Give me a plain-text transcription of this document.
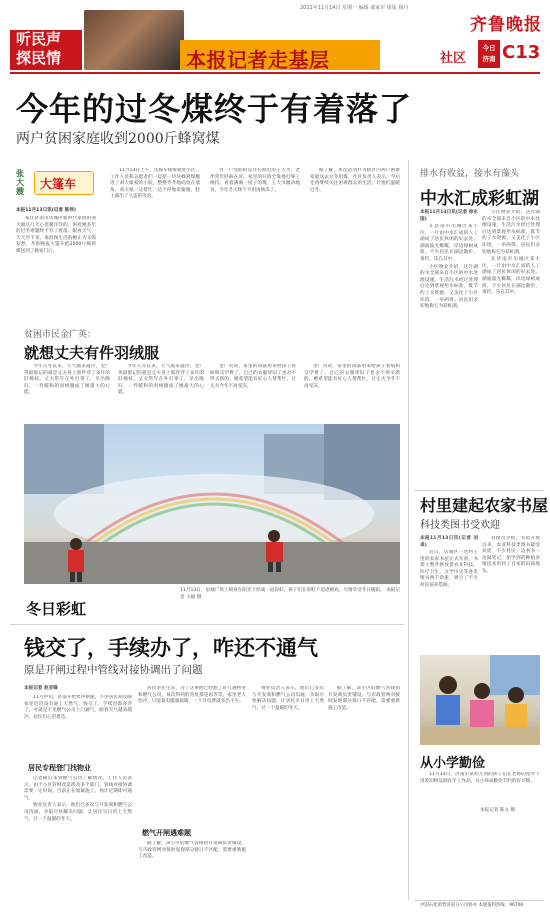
2011年11月14日 星期一 编辑 戚家军 组版 杨丹
齐鲁晚报
听民声
探民情	本报记者走基层	社区
今日
济南 C13
今年的过冬煤终于有着落了
两户贫困家庭收到2000斤蜂窝煤
张大嫂
大篷车
本报11月13日讯(记者 陈伟)

家住济南市历城区新时代家园的刘大娘这几天心里暖洋洋的，困扰她多年的过冬难题终于有了着落。眼看天气一天天冷下来，靠低保生活的她正为买煤发愁，齐鲁晚报大篷车把2000斤蜂窝煤送到了她家门口。

11月13日上午，送煤车缓缓驶进小区，工作人员和志愿者们一起把一块块蜂窝煤搬进了刘大娘家的小院，整整齐齐地码放在墙角。刘大娘一边帮忙一边不停地说谢谢，脸上露出了久违的笑容。

另一户受助的是住在附近的王大爷，老伴常年卧病在床，家里的开销全靠他打零工维持。看着满满一屋子的煤，王大爷激动地说，今年冬天终于不用再挨冻了。

据了解，本次活动共为辖区内两户困难家庭送去过冬用煤。社区负责人表示，今后还将继续关注困难群众的生活，让他们温暖过冬。

贫困市民金广英：
就想丈夫有件羽绒服

今年入冬以来，天气越来越冷，金广英最惦记的就是丈夫身上那件穿了多年的旧棉袄。丈夫常年在外打零工，早出晚归，一件暖和的羽绒服成了她最大的心愿。

金广英说，家里的钱都用来给孩子看病和交学费了，自己的衣服穿旧了也舍不得买新的。她希望能有好心人帮帮忙，让丈夫今冬不再受冻。

今年入冬以来，天气越来越冷，金广英最惦记的就是丈夫身上那件穿了多年的旧棉袄。丈夫常年在外打零工，早出晚归，一件暖和的羽绒服成了她最大的心愿。

金广英说，家里的钱都用来给孩子看病和交学费了，自己的衣服穿旧了也舍不得买新的。她希望能有好心人帮帮忙，让丈夫今冬不再受冻。

11月13日，泉城广场上喷泉在阳光下形成一道彩虹，孩子们在彩虹下追逐嬉戏，尽情享受冬日暖阳。 本报记者 王媛 摄
冬日彩虹
钱交了，手续办了，咋还不通气
原是开闸过程中管线对接协调出了问题
本报记者 赵亚锋

11月中旬，济南开始集中供暖，不少居民却反映家里迟迟没有通上天然气。钱交了，手续也都办齐了，可就是不见燃气公司上门通气，眼看天气越来越冷，居民们心里着急。

居民专程登门找物业

记者随后来到燃气公司了解情况。工作人员表示，由于小区管网改造涉及多个部门，管线对接协调需要一定时间，目前正在加紧施工，预计近期即可通气。

物业负责人表示，他们已多次与开发商和燃气公司沟通，争取尽快解决问题，让居民早日用上天然气，过一个温暖的冬天。

居民李先生说，为了这事他已经跑了好几趟物业和燃气公司，每次得到的答复都是再等等。家里老人怕冷，只能靠电暖器取暖，一个月电费就多出不少。

燃气开闸遇难题

据了解，该小区的燃气管线由开发商负责铺设，与市政管网对接时发现部分接口不匹配，需要重新施工改造。

物业负责人表示，他们已多次与开发商和燃气公司沟通，争取尽快解决问题，让居民早日用上天然气，过一个温暖的冬天。

据了解，该小区的燃气管线由开发商负责铺设，与市政管网对接时发现部分接口不匹配，需要重新施工改造。

排水有收益，接水有藻头
中水汇成彩虹湖
本报11月13日讯(记者 徐永国)

在济南市历城区某小区，一片由中水汇成的人工湖成了居民休闲的好去处。湖面波光粼粼，岸边绿树成荫，不少居民在湖边散步、垂钓，乐在其中。

小区物业介绍，这片湖的水全部来自小区的中水处理设施，生活污水经过处理后达到景观用水标准，既节约了水资源，又美化了小区环境，一举两得。居民们亲切地称它为彩虹湖。

小区物业介绍，这片湖的水全部来自小区的中水处理设施，生活污水经过处理后达到景观用水标准，既节约了水资源，又美化了小区环境，一举两得。居民们亲切地称它为彩虹湖。

在济南市历城区某小区，一片由中水汇成的人工湖成了居民休闲的好去处。湖面波光粼粼，岸边绿树成荫，不少居民在湖边散步、垂钓，乐在其中。

村里建起农家书屋
科技类图书受欢迎
本报11月13日讯(记者 刘卓)

近日，历城区一处村子里的农家书屋正式开放，书架上整齐摆放着农业科技、医疗卫生、文学历史等各类图书两千余册，吸引了不少村民前来借阅。

管理员介绍，书屋开放以来，农业科技类图书最受欢迎，不少村民一边看书一边做笔记，把学到的种植养殖技术用到了自家的田间地头。

从小学勤俭

11月13日，济南市某幼儿园的孩子们在老师的指导下用废旧物品制作手工作品，从小养成勤俭节约的好习惯。

本报记者 陈文 摄
中国石化销售济南分公司协办 本版报料热线：96706
